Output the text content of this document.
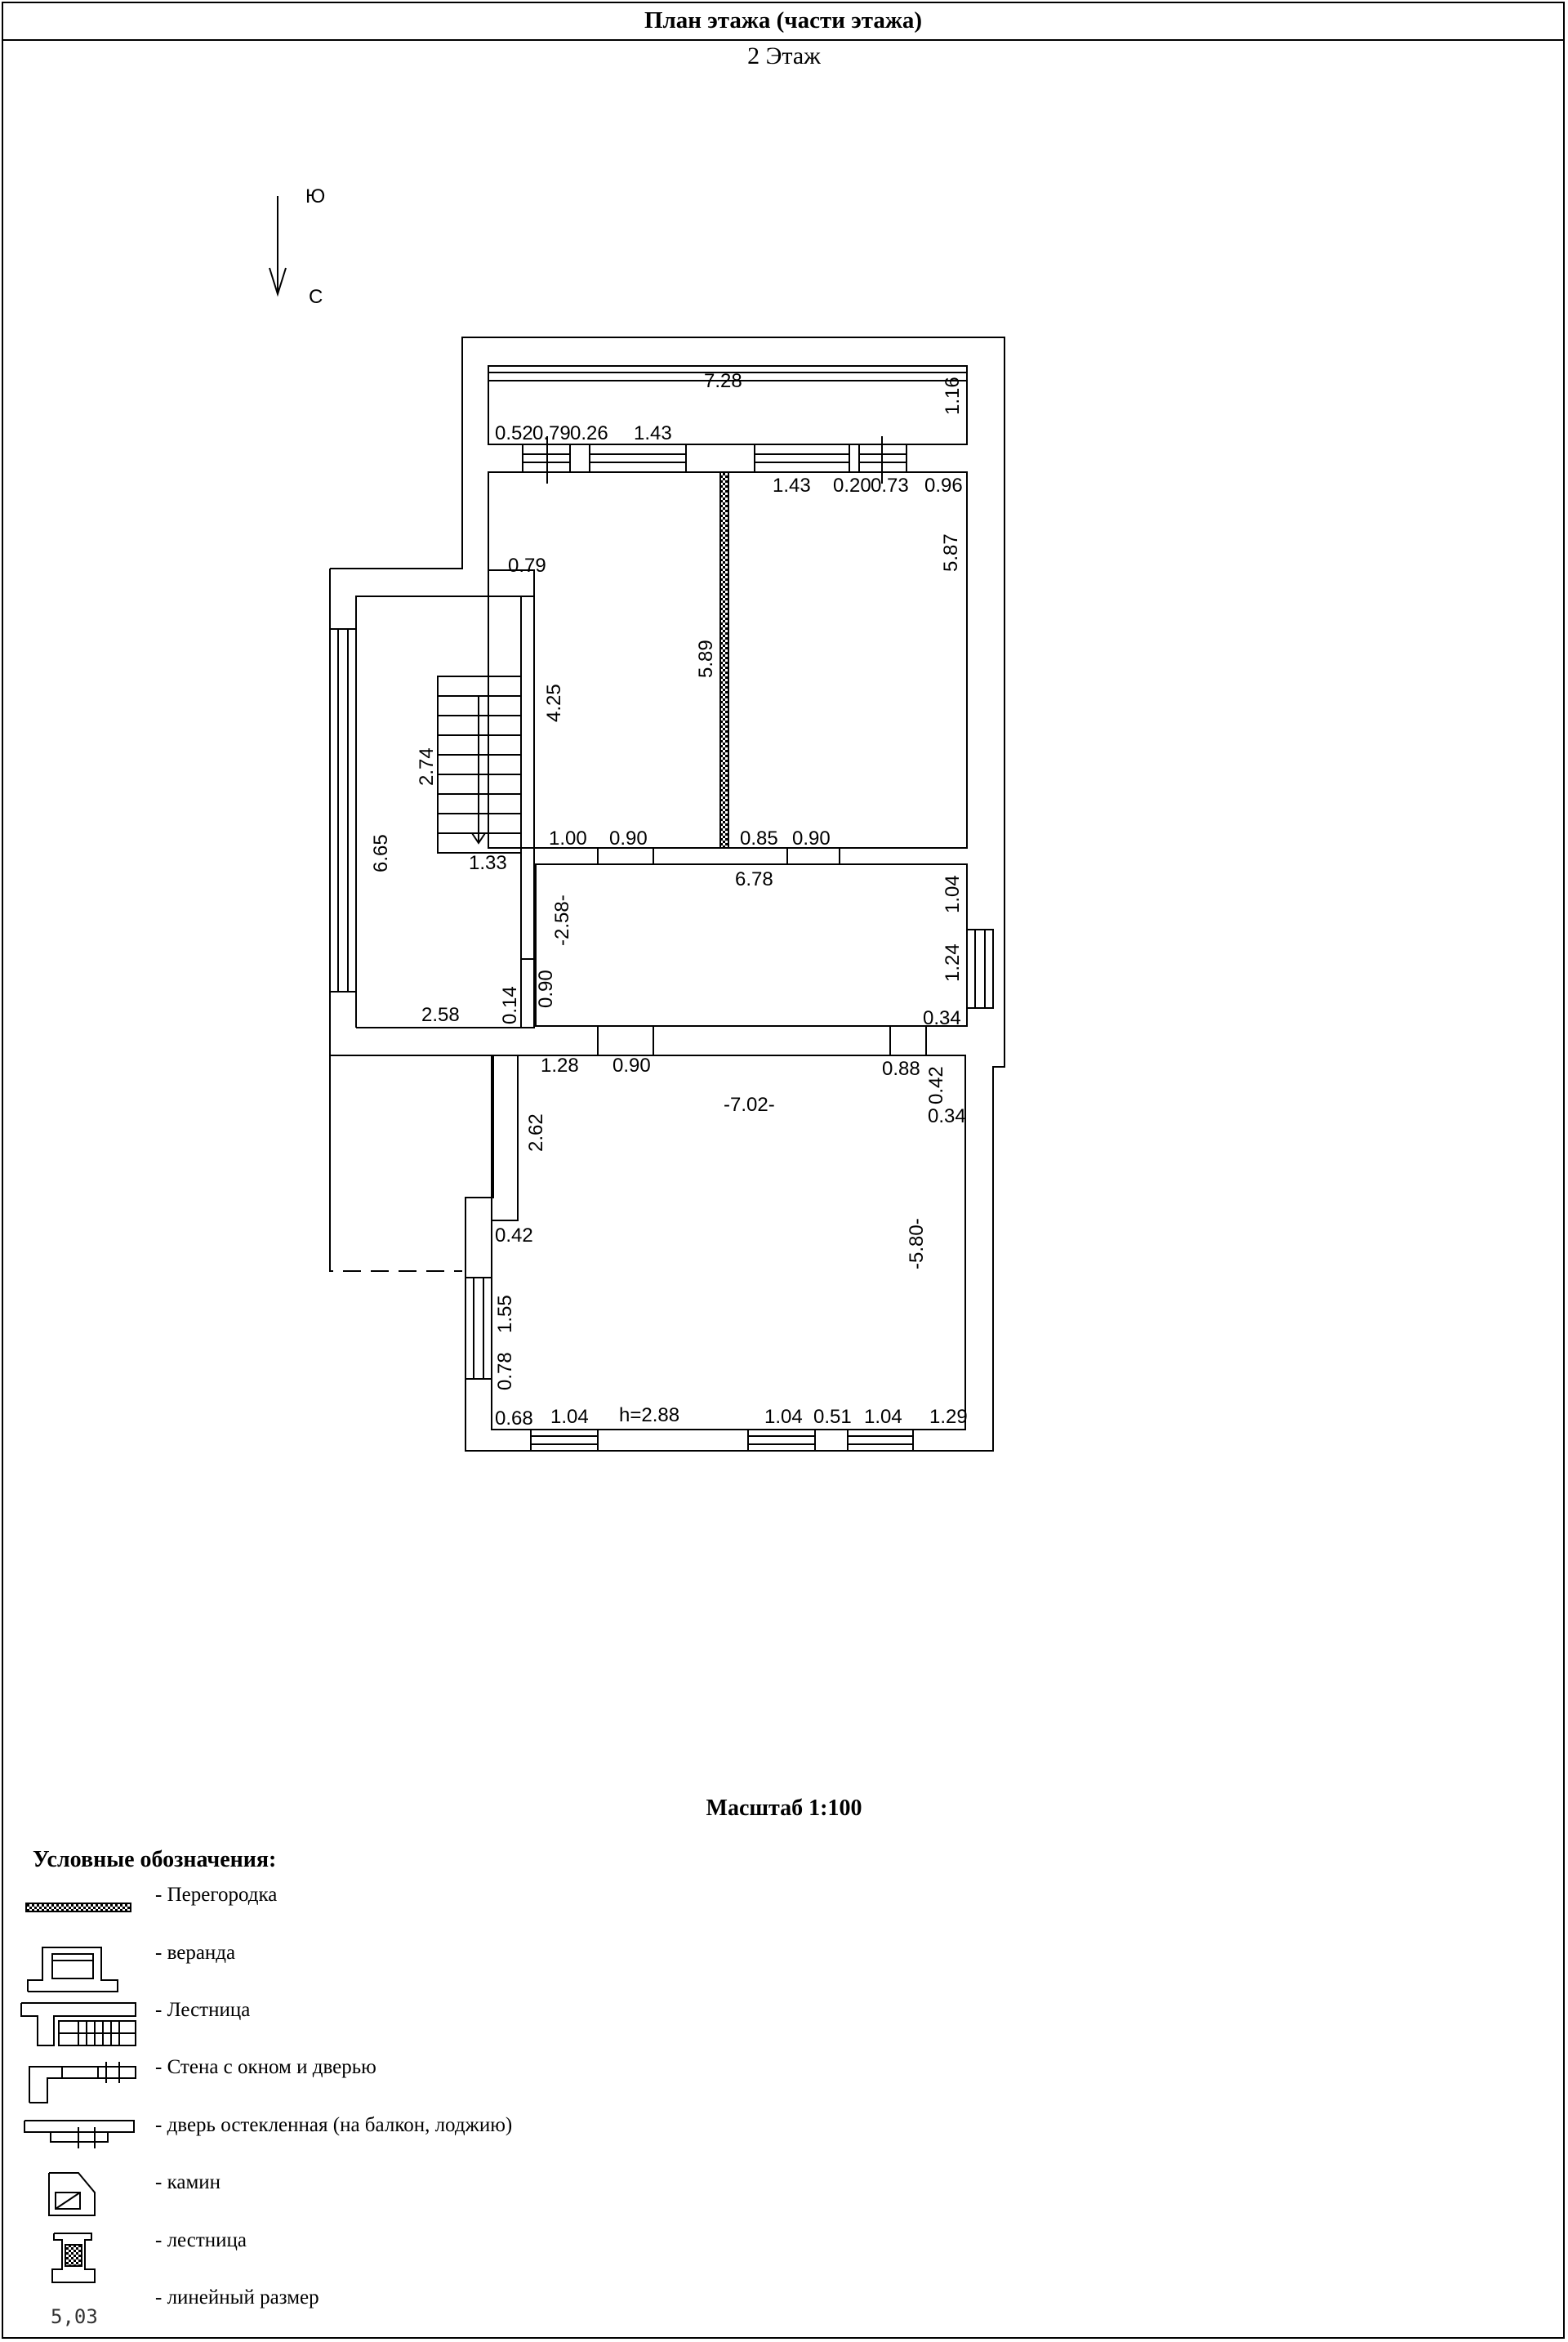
План этажа (части этажа)
2 Этаж
Ю
С
7.28	1.16
0.52 0.79 0.26 1.43
1.43 0.20 0.73 0.96
0.79	5.87
5.89
4.25
2.74
6.65	1.33
1.00 0.90	0.85 0.90
6.78	1.04
-2.58-
1.24
0.14 0.90
2.58	0.34
1.28 0.90	0.88 0.42
0.34
-7.02-
2.62
0.42	-5.80-
1.55
0.78
0.68 1.04 h=2.88	1.04 0.51 1.04 1.29
Масштаб 1:100
Условные обозначения:
- Перегородка
- веранда
- Лестница
- Стена с окном и дверью
- дверь остекленная (на балкон, лоджию)
- камин
- лестница
- линейный размер
5,03
